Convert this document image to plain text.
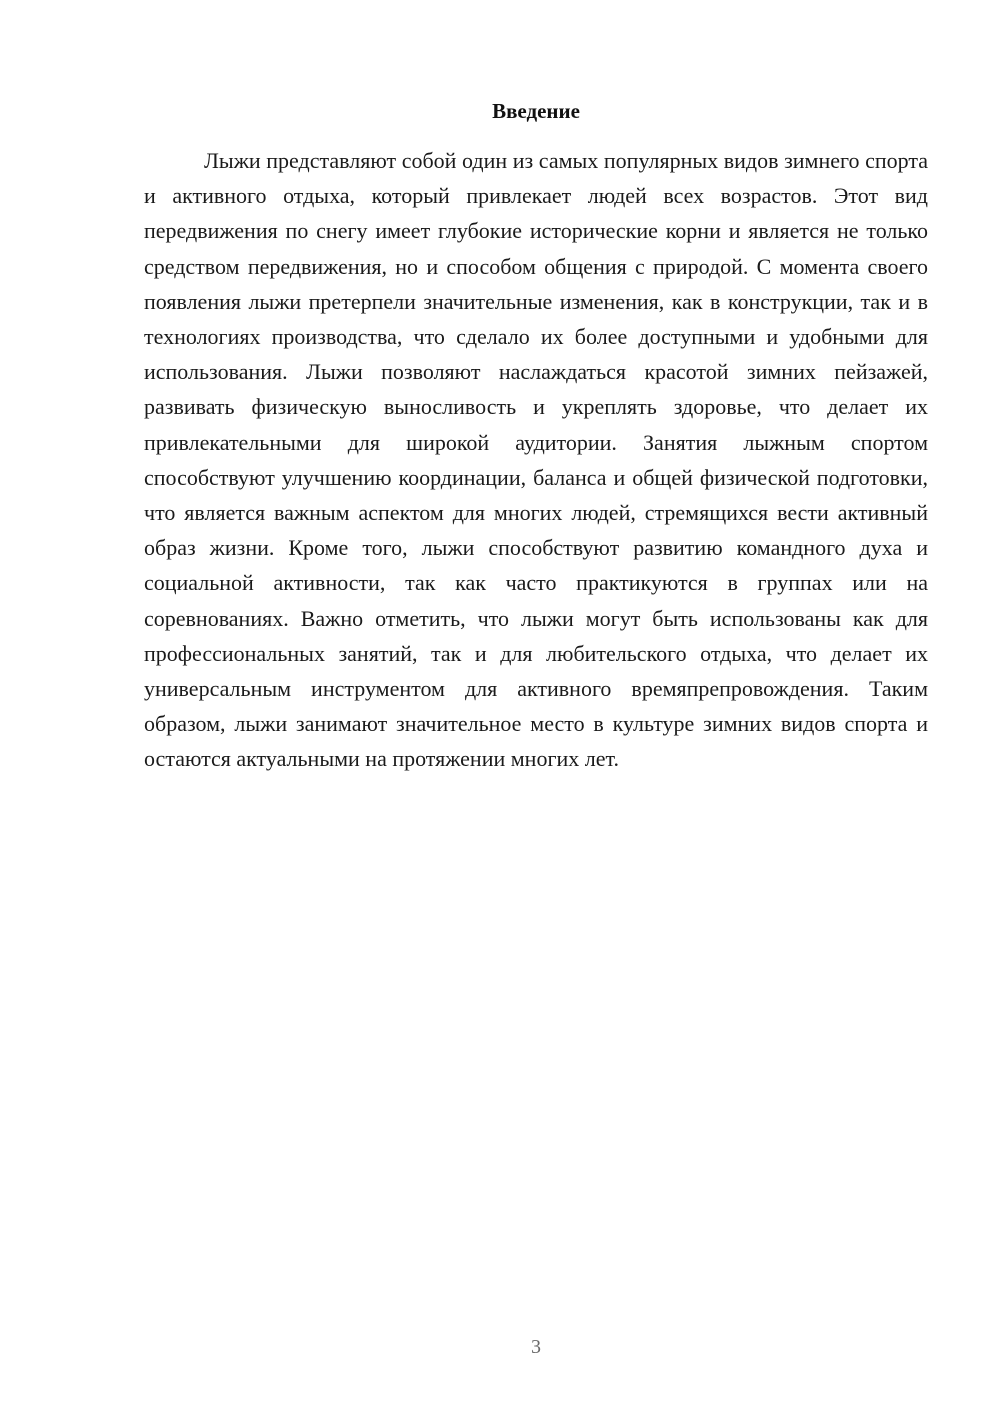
Введение

Лыжи представляют собой один из самых популярных видов зимнего спорта и активного отдыха, который привлекает людей всех возрастов. Этот вид передвижения по снегу имеет глубокие исторические корни и является не только средством передвижения, но и способом общения с природой. С момента своего появления лыжи претерпели значительные изменения, как в конструкции, так и в технологиях производства, что сделало их более доступными и удобными для использования. Лыжи позволяют наслаждаться красотой зимних пейзажей, развивать физическую выносливость и укреплять здоровье, что делает их привлекательными для широкой аудитории. Занятия лыжным спортом способствуют улучшению координации, баланса и общей физической подготовки, что является важным аспектом для многих людей, стремящихся вести активный образ жизни. Кроме того, лыжи способствуют развитию командного духа и социальной активности, так как часто практикуются в группах или на соревнованиях. Важно отметить, что лыжи могут быть использованы как для профессиональных занятий, так и для любительского отдыха, что делает их универсальным инструментом для активного времяпрепровождения. Таким образом, лыжи занимают значительное место в культуре зимних видов спорта и остаются актуальными на протяжении многих лет.

3
